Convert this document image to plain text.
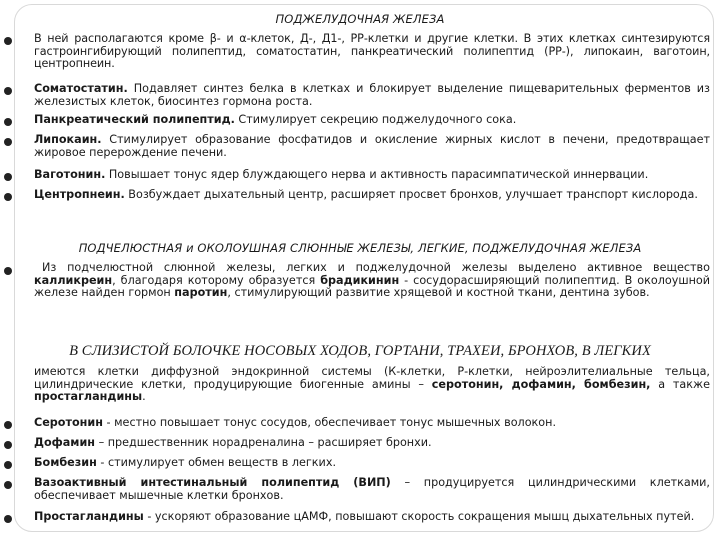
ПОДЖЕЛУДОЧНАЯ ЖЕЛЕЗА
В ней располагаются кроме β- и α-клеток, Д-, Д1-, РР-клетки и другие клетки. В этих клетках синтезируются гастроингибирующий полипептид, соматостатин, панкреатический полипептид (РР-), липокаин, ваготоин, центропнеин.
Соматостатин. Подавляет синтез белка в клетках и блокирует выделение пищеварительных ферментов из железистых клеток, биосинтез гормона роста.
Панкреатический полипептид. Стимулирует секрецию поджелудочного сока.
Липокаин. Стимулирует образование фосфатидов и окисление жирных кислот в печени, предотвращает жировое перерождение печени.
Ваготонин. Повышает тонус ядер блуждающего нерва и активность парасимпатической иннервации.
Центропнеин. Возбуждает дыхательный центр, расширяет просвет бронхов, улучшает транспорт кислорода.
ПОДЧЕЛЮСТНАЯ и ОКОЛОУШНАЯ СЛЮННЫЕ ЖЕЛЕЗЫ, ЛЕГКИЕ, ПОДЖЕЛУДОЧНАЯ ЖЕЛЕЗА
Из подчелюстной слюнной железы, легких и поджелудочной железы выделено активное вещество калликреин, благодаря которому образуется брадикинин - сосудорасширяющий полипептид. В околоушной железе найден гормон паротин, стимулирующий развитие хрящевой и костной ткани, дентина зубов.
В СЛИЗИСТОЙ БОЛОЧКЕ НОСОВЫХ ХОДОВ, ГОРТАНИ, ТРАХЕИ, БРОНХОВ, В ЛЕГКИХ
имеются клетки диффузной эндокринной системы (К-клетки, Р-клетки, нейроэлителиальные тельца, цилиндрические клетки, продуцирующие биогенные амины – серотонин, дофамин, бомбезин, а также простагландины.
Серотонин - местно повышает тонус сосудов, обеспечивает тонус мышечных волокон.
Дофамин – предшественник норадреналина – расширяет бронхи.
Бомбезин - стимулирует обмен веществ в легких.
Вазоактивный интестинальный полипептид (ВИП) – продуцируется цилиндрическими клетками, обеспечивает мышечные клетки бронхов.
Простагландины - ускоряют образование цАМФ, повышают скорость сокращения мышц дыхательных путей.
